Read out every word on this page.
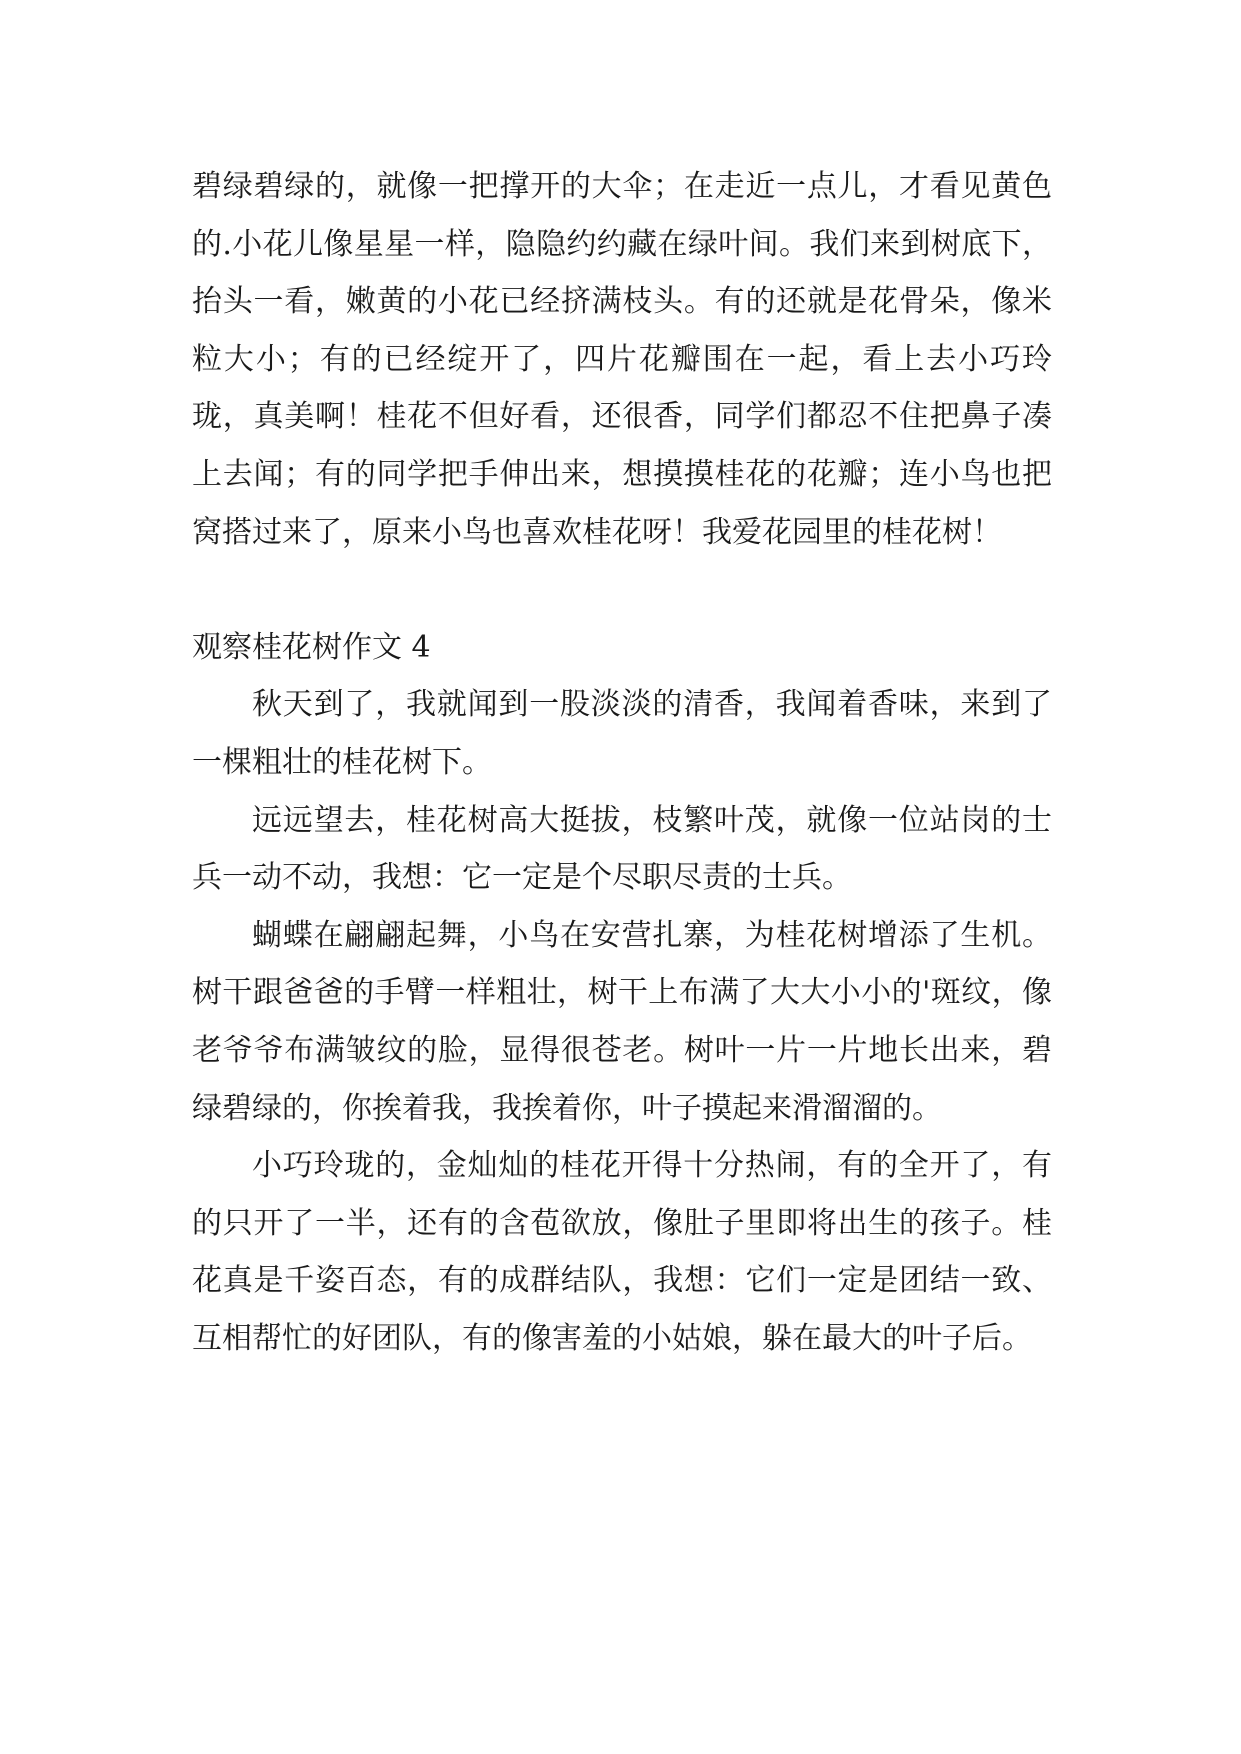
碧绿碧绿的，就像一把撑开的大伞；在走近一点儿，才看见黄色的.小花儿像星星一样，隐隐约约藏在绿叶间。我们来到树底下，抬头一看，嫩黄的小花已经挤满枝头。有的还就是花骨朵，像米粒大小；有的已经绽开了，四片花瓣围在一起，看上去小巧玲珑，真美啊！桂花不但好看，还很香，同学们都忍不住把鼻子凑上去闻；有的同学把手伸出来，想摸摸桂花的花瓣；连小鸟也把窝搭过来了，原来小鸟也喜欢桂花呀！我爱花园里的桂花树！

观察桂花树作文 4

秋天到了，我就闻到一股淡淡的清香，我闻着香味，来到了一棵粗壮的桂花树下。

远远望去，桂花树高大挺拔，枝繁叶茂，就像一位站岗的士兵一动不动，我想：它一定是个尽职尽责的士兵。

蝴蝶在翩翩起舞，小鸟在安营扎寨，为桂花树增添了生机。树干跟爸爸的手臂一样粗壮，树干上布满了大大小小的'斑纹，像老爷爷布满皱纹的脸，显得很苍老。树叶一片一片地长出来，碧绿碧绿的，你挨着我，我挨着你，叶子摸起来滑溜溜的。

小巧玲珑的，金灿灿的桂花开得十分热闹，有的全开了，有的只开了一半，还有的含苞欲放，像肚子里即将出生的孩子。桂花真是千姿百态，有的成群结队，我想：它们一定是团结一致、互相帮忙的好团队，有的像害羞的小姑娘，躲在最大的叶子后。
